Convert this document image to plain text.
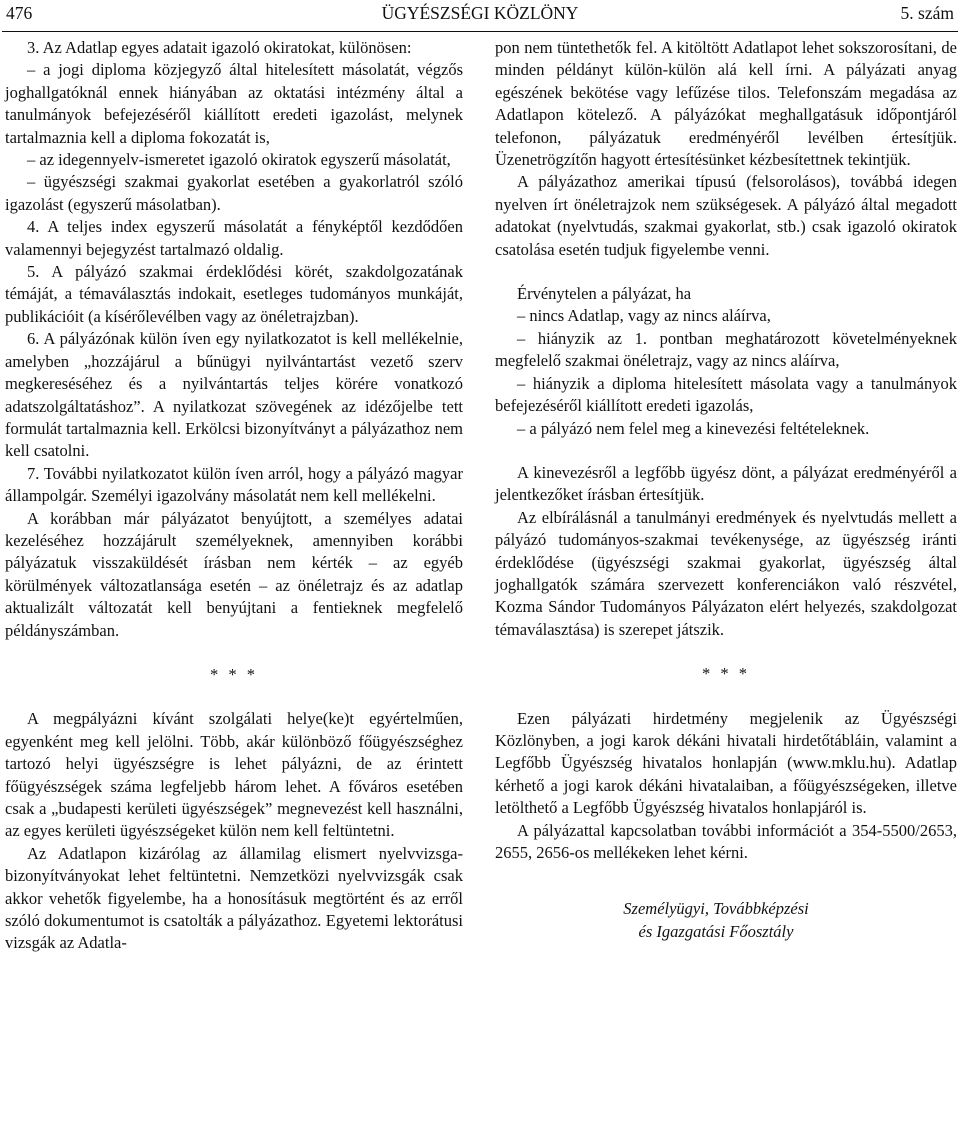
ÜGYÉSZSÉGI KÖZLÖNY
476	5. szám

3. Az Adatlap egyes adatait igazoló okiratokat, különösen:

– a jogi diploma közjegyző által hitelesített másolatát, végzős joghallgatóknál ennek hiányában az oktatási intézmény által a tanulmányok befejezéséről kiállított eredeti igazolást, melynek tartalmaznia kell a diploma fokozatát is,

– az idegennyelv-ismeretet igazoló okiratok egyszerű másolatát,

– ügyészségi szakmai gyakorlat esetében a gyakorlatról szóló igazolást (egyszerű másolatban).

4. A teljes index egyszerű másolatát a fényképtől kezdődően valamennyi bejegyzést tartalmazó oldalig.

5. A pályázó szakmai érdeklődési körét, szakdolgozatának témáját, a témaválasztás indokait, esetleges tudományos munkáját, publikációit (a kísérőlevélben vagy az önéletrajzban).

6. A pályázónak külön íven egy nyilatkozatot is kell mellékelnie, amelyben „hozzájárul a bűnügyi nyilvántartást vezető szerv megkereséséhez és a nyilvántartás teljes körére vonatkozó adatszolgáltatáshoz”. A nyilatkozat szövegének az idézőjelbe tett formulát tartalmaznia kell. Erkölcsi bizonyítványt a pályázathoz nem kell csatolni.

7. További nyilatkozatot külön íven arról, hogy a pályázó magyar állampolgár. Személyi igazolvány másolatát nem kell mellékelni.

A korábban már pályázatot benyújtott, a személyes adatai kezeléséhez hozzájárult személyeknek, amennyiben korábbi pályázatuk visszaküldését írásban nem kérték – az egyéb körülmények változatlansága esetén – az önéletrajz és az adatlap aktualizált változatát kell benyújtani a fentieknek megfelelő példányszámban.

* * *

A megpályázni kívánt szolgálati helye(ke)t egyértelműen, egyenként meg kell jelölni. Több, akár különböző főügyészséghez tartozó helyi ügyészségre is lehet pályázni, de az érintett főügyészségek száma legfeljebb három lehet. A főváros esetében csak a „budapesti kerületi ügyészségek” megnevezést kell használni, az egyes kerületi ügyészségeket külön nem kell feltüntetni.

Az Adatlapon kizárólag az államilag elismert nyelvvizsga-bizonyítványokat lehet feltüntetni. Nemzetközi nyelvvizsgák csak akkor vehetők figyelembe, ha a honosításuk megtörtént és az erről szóló dokumentumot is csatolták a pályázathoz. Egyetemi lektorátusi vizsgák az Adatla-

pon nem tüntethetők fel. A kitöltött Adatlapot lehet sokszorosítani, de minden példányt külön-külön alá kell írni. A pályázati anyag egészének bekötése vagy lefűzése tilos. Telefonszám megadása az Adatlapon kötelező. A pályázókat meghallgatásuk időpontjáról telefonon, pályázatuk eredményéről levélben értesítjük. Üzenetrögzítőn hagyott értesítésünket kézbesítettnek tekintjük.

A pályázathoz amerikai típusú (felsorolásos), továbbá idegen nyelven írt önéletrajzok nem szükségesek. A pályázó által megadott adatokat (nyelvtudás, szakmai gyakorlat, stb.) csak igazoló okiratok csatolása esetén tudjuk figyelembe venni.

Érvénytelen a pályázat, ha

– nincs Adatlap, vagy az nincs aláírva,

– hiányzik az 1. pontban meghatározott követelményeknek megfelelő szakmai önéletrajz, vagy az nincs aláírva,

– hiányzik a diploma hitelesített másolata vagy a tanulmányok befejezéséről kiállított eredeti igazolás,

– a pályázó nem felel meg a kinevezési feltételeknek.

A kinevezésről a legfőbb ügyész dönt, a pályázat eredményéről a jelentkezőket írásban értesítjük.

Az elbírálásnál a tanulmányi eredmények és nyelvtudás mellett a pályázó tudományos-szakmai tevékenysége, az ügyészség iránti érdeklődése (ügyészségi szakmai gyakorlat, ügyészség által joghallgatók számára szervezett konferenciákon való részvétel, Kozma Sándor Tudományos Pályázaton elért helyezés, szakdolgozat témaválasztása) is szerepet játszik.

* * *

Ezen pályázati hirdetmény megjelenik az Ügyészségi Közlönyben, a jogi karok dékáni hivatali hirdetőtábláin, valamint a Legfőbb Ügyészség hivatalos honlapján (www.mklu.hu). Adatlap kérhető a jogi karok dékáni hivatalaiban, a főügyészségeken, illetve letölthető a Legfőbb Ügyészség hivatalos honlapjáról is.

A pályázattal kapcsolatban további információt a 354-5500/2653, 2655, 2656-os mellékeken lehet kérni.

Személyügyi, Továbbképzési
és Igazgatási Főosztály
